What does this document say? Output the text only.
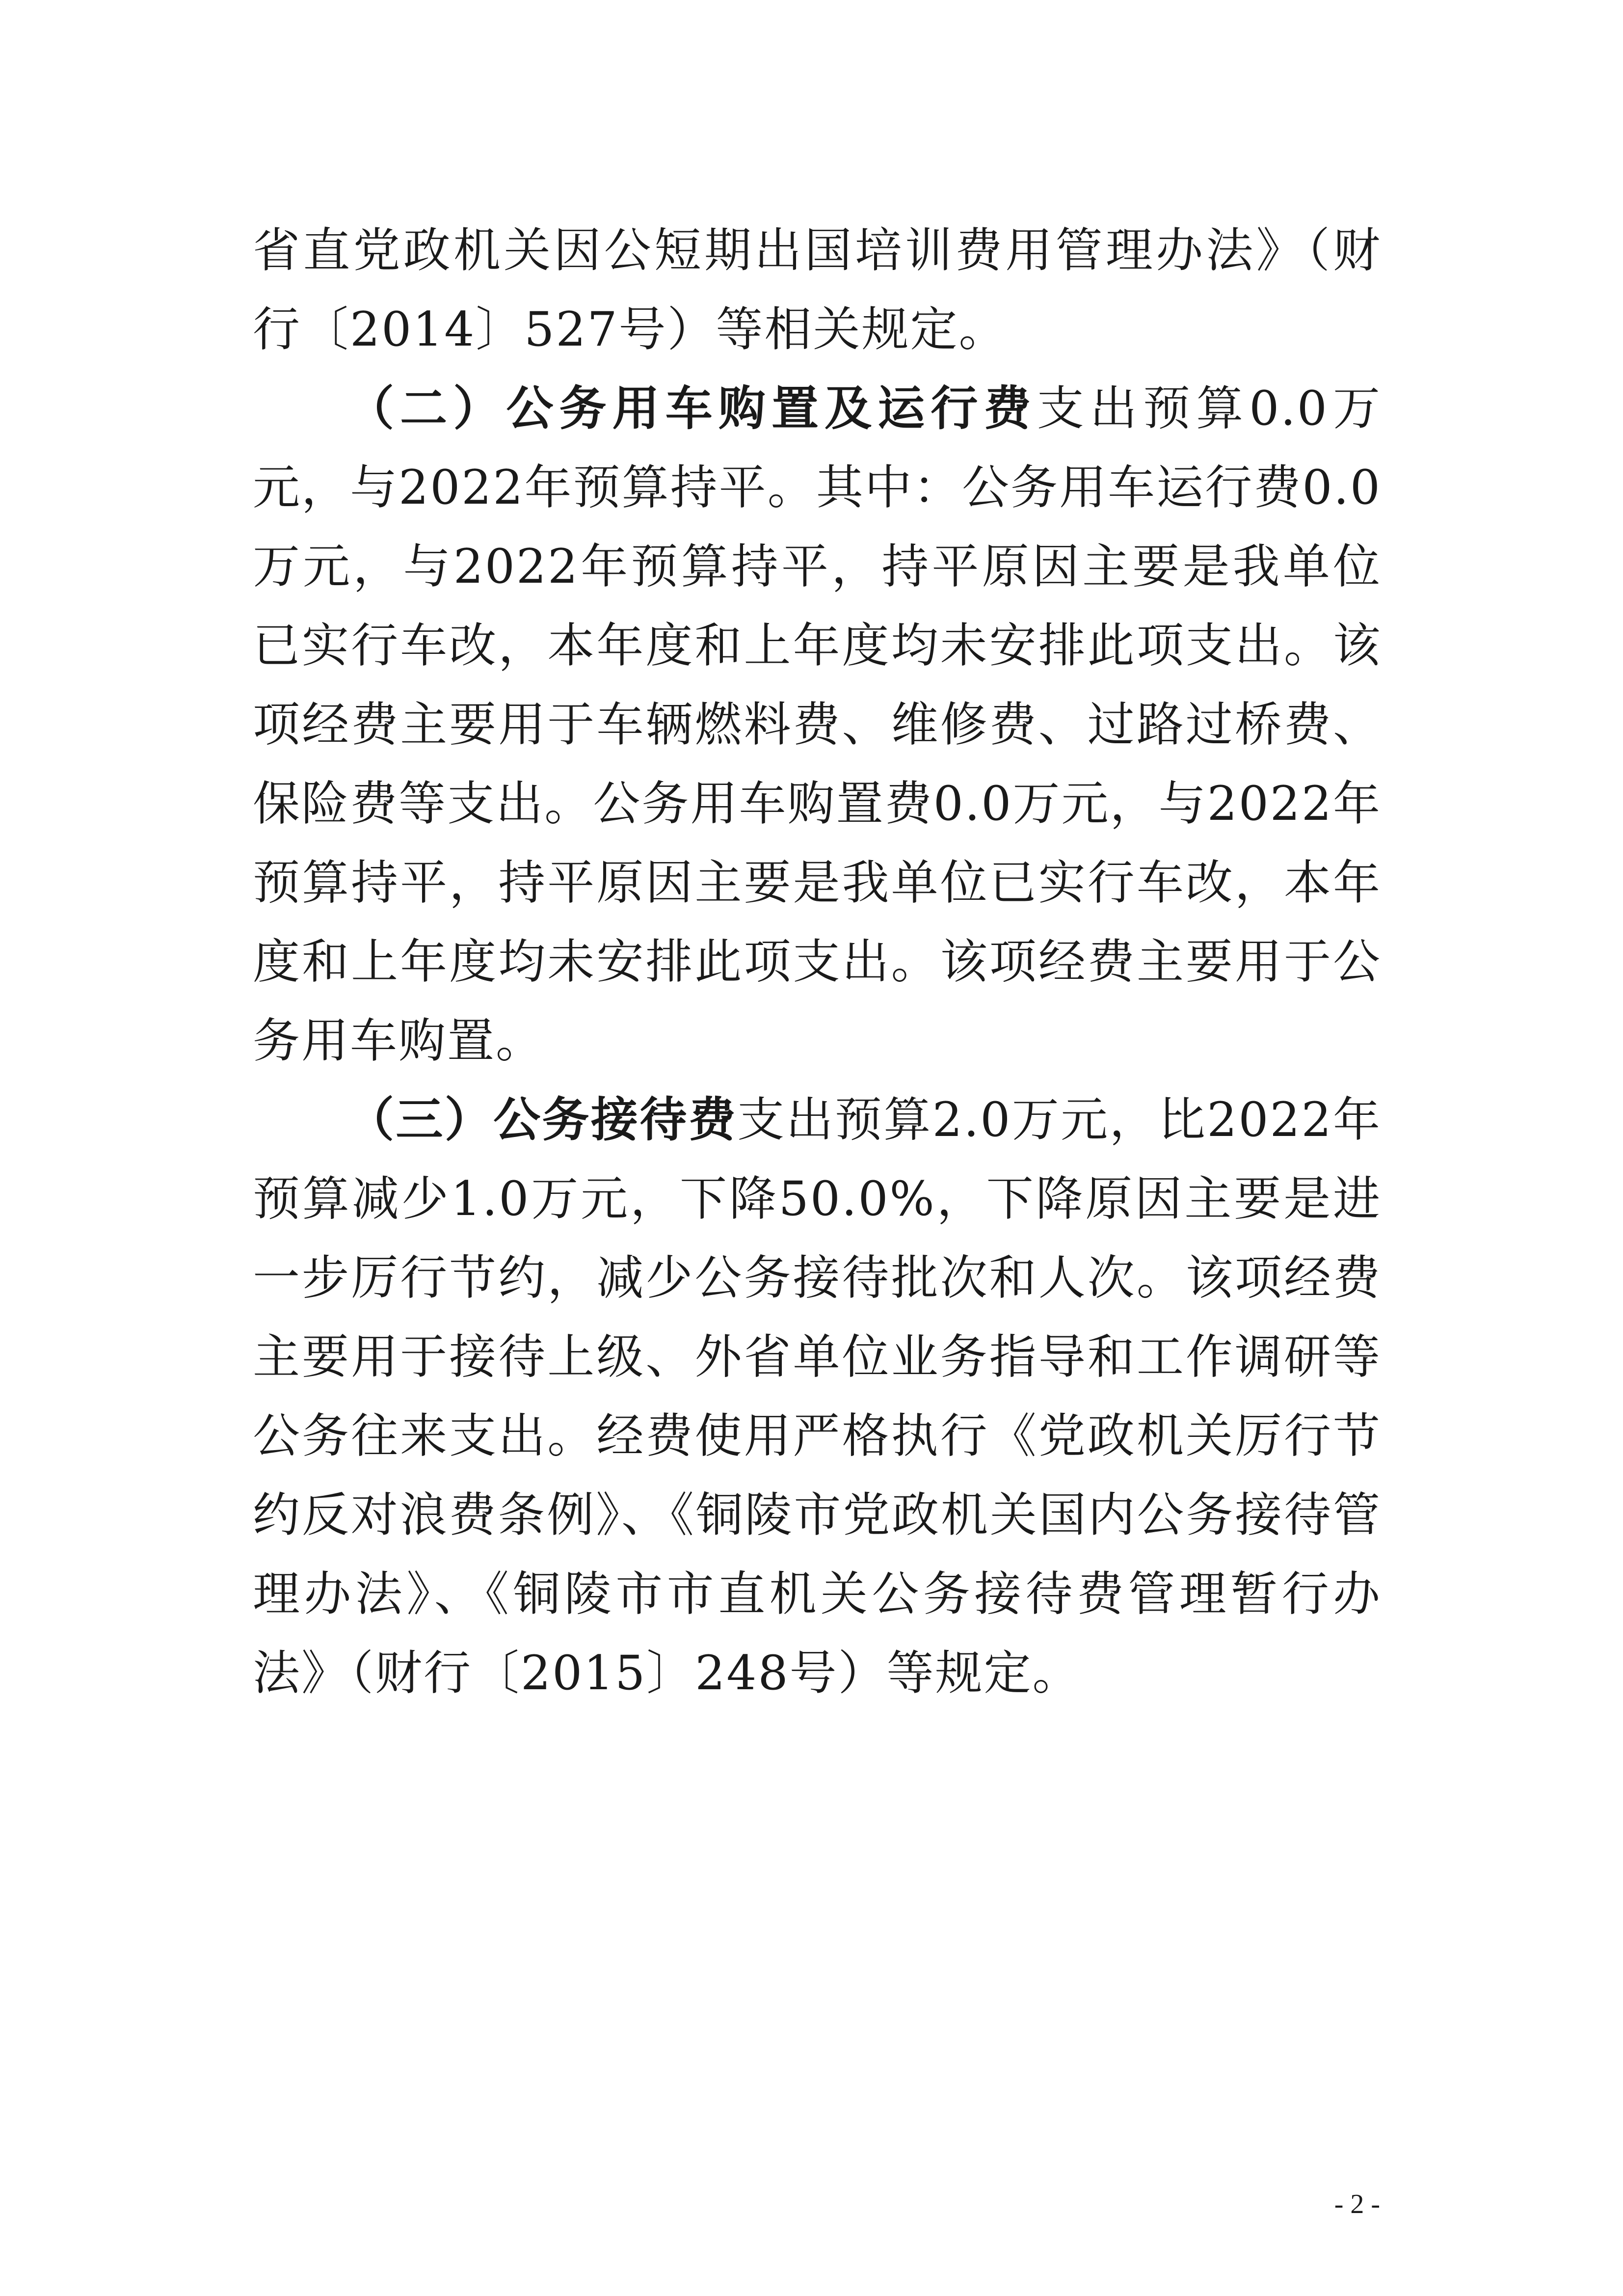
省直党政机关因公短期出国培训费用管理办法》（财行〔2014〕527号）等相关规定。

（二）公务用车购置及运行费支出预算0.0万元，与2022年预算持平。其中：公务用车运行费0.0万元，与2022年预算持平，持平原因主要是我单位已实行车改，本年度和上年度均未安排此项支出。该项经费主要用于车辆燃料费、维修费、过路过桥费、保险费等支出。公务用车购置费0.0万元，与2022年预算持平，持平原因主要是我单位已实行车改，本年度和上年度均未安排此项支出。该项经费主要用于公务用车购置。

（三）公务接待费支出预算2.0万元，比2022年预算减少1.0万元，下降50.0%，下降原因主要是进一步厉行节约，减少公务接待批次和人次。该项经费主要用于接待上级、外省单位业务指导和工作调研等公务往来支出。经费使用严格执行《党政机关厉行节约反对浪费条例》、《铜陵市党政机关国内公务接待管理办法》、《铜陵市市直机关公务接待费管理暂行办法》（财行〔2015〕248号）等规定。

- 2 -
